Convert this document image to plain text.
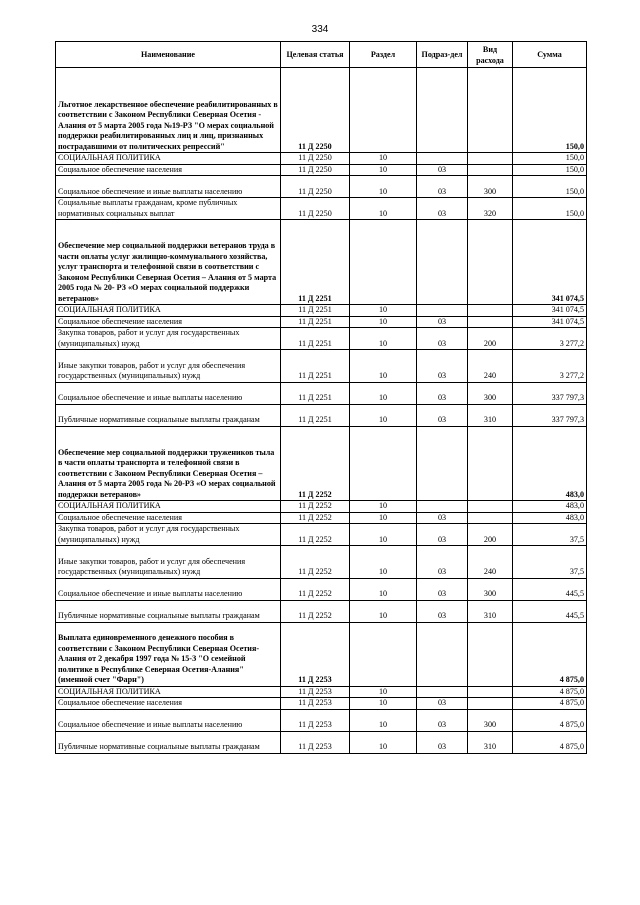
334
Наименование	Целевая статья	Раздел	Подраз-дел	Вид расхода	Сумма
Льготное лекарственное обеспечение реабилитированных в соответствии с Законом Республики Северная Осетия - Алания от 5 марта 2005 года №19-РЗ "О мерах социальной поддержки реабилитированных лиц и лиц, признанных пострадавшими от политических репрессий"	11 Д 2250				150,0
СОЦИАЛЬНАЯ ПОЛИТИКА	11 Д 2250	10			150,0
Социальное обеспечение населения	11 Д 2250	10	03		150,0
Социальное обеспечение и иные выплаты населению	11 Д 2250	10	03	300	150,0
Социальные выплаты гражданам, кроме публичных нормативных социальных выплат	11 Д 2250	10	03	320	150,0
Обеспечение мер социальной поддержки ветеранов труда в части оплаты услуг жилищно-коммунального хозяйства, услуг транспорта и телефонной связи в соответствии с Законом Республики Северная Осетия – Алания от 5 марта 2005 года № 20- РЗ «О мерах социальной поддержки ветеранов»	11 Д 2251				341 074,5
СОЦИАЛЬНАЯ ПОЛИТИКА	11 Д 2251	10			341 074,5
Социальное обеспечение населения	11 Д 2251	10	03		341 074,5
Закупка товаров, работ и услуг для государственных (муниципальных) нужд	11 Д 2251	10	03	200	3 277,2
Иные закупки товаров, работ и услуг для обеспечения государственных (муниципальных) нужд	11 Д 2251	10	03	240	3 277,2
Социальное обеспечение и иные выплаты населению	11 Д 2251	10	03	300	337 797,3
Публичные нормативные социальные выплаты гражданам	11 Д 2251	10	03	310	337 797,3
Обеспечение мер социальной поддержки тружеников тыла в части оплаты транспорта и телефонной связи в соответствии с Законом Республики Северная Осетия – Алания от 5 марта 2005 года № 20-РЗ «О мерах социальной поддержки ветеранов»	11 Д 2252				483,0
СОЦИАЛЬНАЯ ПОЛИТИКА	11 Д 2252	10			483,0
Социальное обеспечение населения	11 Д 2252	10	03		483,0
Закупка товаров, работ и услуг для государственных (муниципальных) нужд	11 Д 2252	10	03	200	37,5
Иные закупки товаров, работ и услуг для обеспечения государственных (муниципальных) нужд	11 Д 2252	10	03	240	37,5
Социальное обеспечение и иные выплаты населению	11 Д 2252	10	03	300	445,5
Публичные нормативные социальные выплаты гражданам	11 Д 2252	10	03	310	445,5
Выплата единовременного денежного пособия в соответствии с Законом Республики Северная Осетия-Алания от 2 декабря 1997 года № 15-З "О семейной политике в Республике Северная Осетия-Алания" (именной счет "Фарн")	11 Д 2253				4 875,0
СОЦИАЛЬНАЯ ПОЛИТИКА	11 Д 2253	10			4 875,0
Социальное обеспечение населения	11 Д 2253	10	03		4 875,0
Социальное обеспечение и иные выплаты населению	11 Д 2253	10	03	300	4 875,0
Публичные нормативные социальные выплаты гражданам	11 Д 2253	10	03	310	4 875,0
